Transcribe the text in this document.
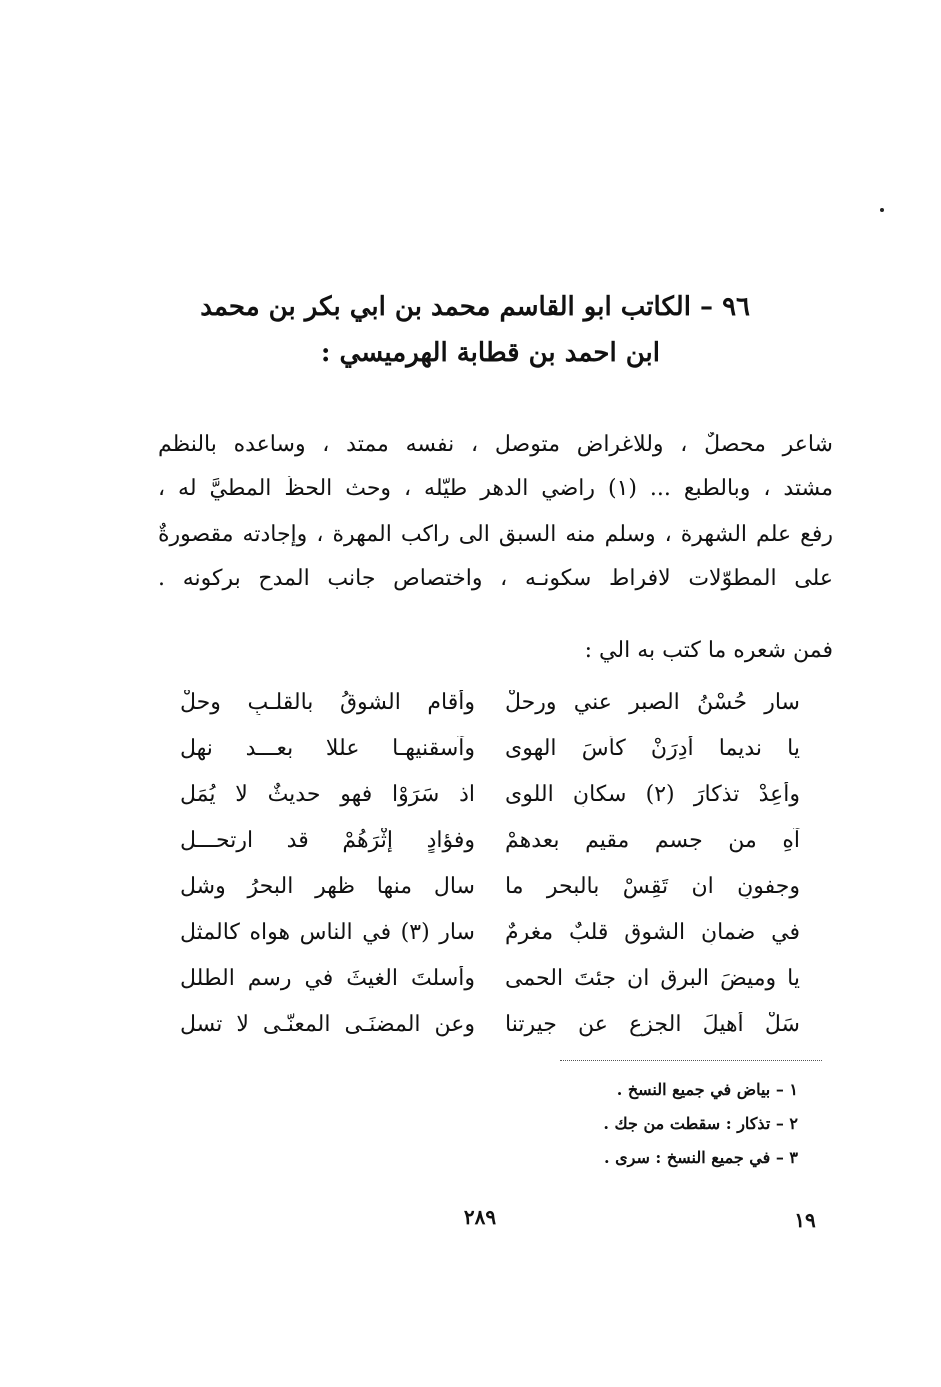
٩٦ – الكاتب ابو القاسم محمد بن ابي بكر بن محمد
ابن احمد بن قطابة الهرميسي :
شاعر محصلٌ ، وللاغراض متوصل ، نفسه ممتد ، وساعده بالنظم
مشتد ، وبالطبع ... (١) راضي الدهر طيّله ، وحث الحظُّ المطيَّ له ،
رفع علم الشهرة ، وسلم منه السبق الى راكب المهرة ، وإجادته مقصورةٌ
على المطوّلات لافراط سكونـه ، واختصاصِ جانب المدح بركونه .
فمن شعره ما كتب به الي :
سار حُسْنُ الصبرِ عني ورحلْ
وأقام الشوقُ بالقلـبِ وحلْ
يا نديما أَدِرَنْ كأسَ الهوى
وآسقنيهـا عللا بعـــد نهل
وأَعِدْ تذكارَ (٢) سكانِ اللوى
اذ سَرَوْا فهو حديثٌ لا يُمَل
آهِ من جسمٍ مقيم بعدهمْ
وفؤادٍ إثْرَهُمْ قد ارتحـــل
وجفونٍ ان تَقِسْ بالبحرِ ما
سال منها ظهر البحرُ وشل
في ضمانِ الشوق قلبٌ مغرمٌ
سار (٣) في الناس هواه كالمثل
يا وميضَ البرقِ ان جئتَ الحمى
وأسلتَ الغيثَ في رسم الطلل
سَلْ أُهيلَ الجزعِ عن جيرتنا
وعن المضنَـى المعنّـى لا تسل
١ – بياض في جميع النسخ .
٢ – تذكار : سقطت من جك .
٣ – في جميع النسخ : سرى .
٢٨٩	١٩
